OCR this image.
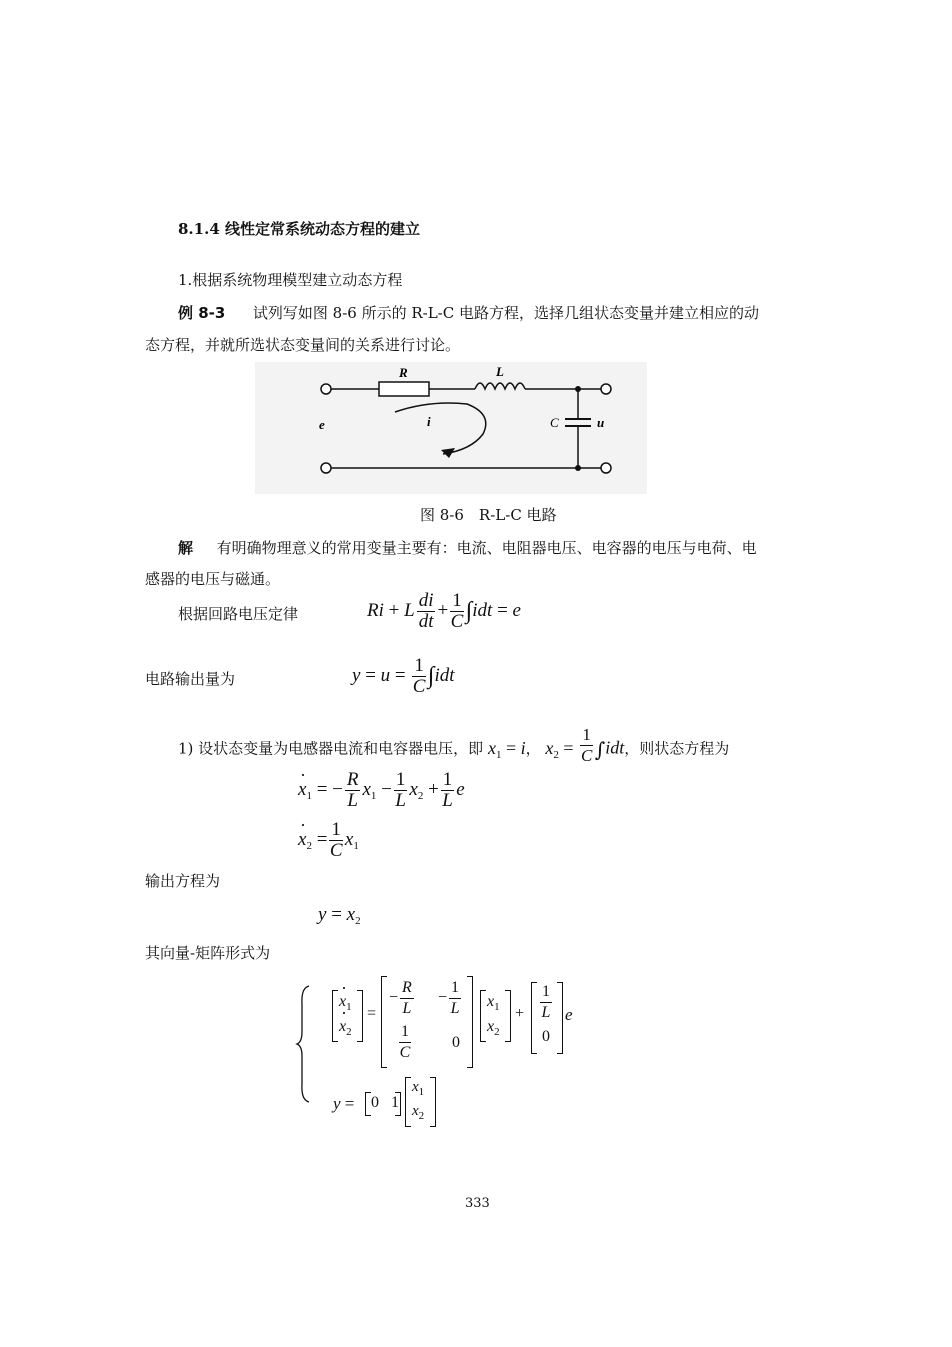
8.1.4 线性定常系统动态方程的建立
1.根据系统物理模型建立动态方程
例 8-3 试列写如图 8-6 所示的 R-L-C 电路方程，选择几组状态变量并建立相应的动
态方程，并就所选状态变量间的关系进行讨论。
R	L
e	i	C	u
图 8-6　R-L-C 电路
解 有明确物理意义的常用变量主要有：电流、电阻器电压、电容器的电压与电荷、电
感器的电压与磁通。
根据回路电压定律	Ri + L $\frac{di}{dt} + \frac{1}{C} \int idt = e$
电路输出量为	$y = u = \frac{1}{C} \int idt$
1) 设状态变量为电感器电流和电容器电压，即 $x_1 = i$， $x_2 = \frac{1}{C} \int idt$，则状态方程为
· $x_1$ = − $\frac{R}{L} x_1 - \frac{1}{L} x_2 + \frac{1}{L}$ e
· $x_2 = \frac{1}{C} x_1$
输出方程为
$y = x_2$
其向量-矩阵形式为
· $x_1$
· $x_2$
=
− $\frac{R}{L} - \frac{1}{L}$
$\frac{1}{C}$	0
$x_1$
$x_2$
+ $\frac{1}{L}$
0
e
y = 0   1
$x_1$
$x_2$
333
